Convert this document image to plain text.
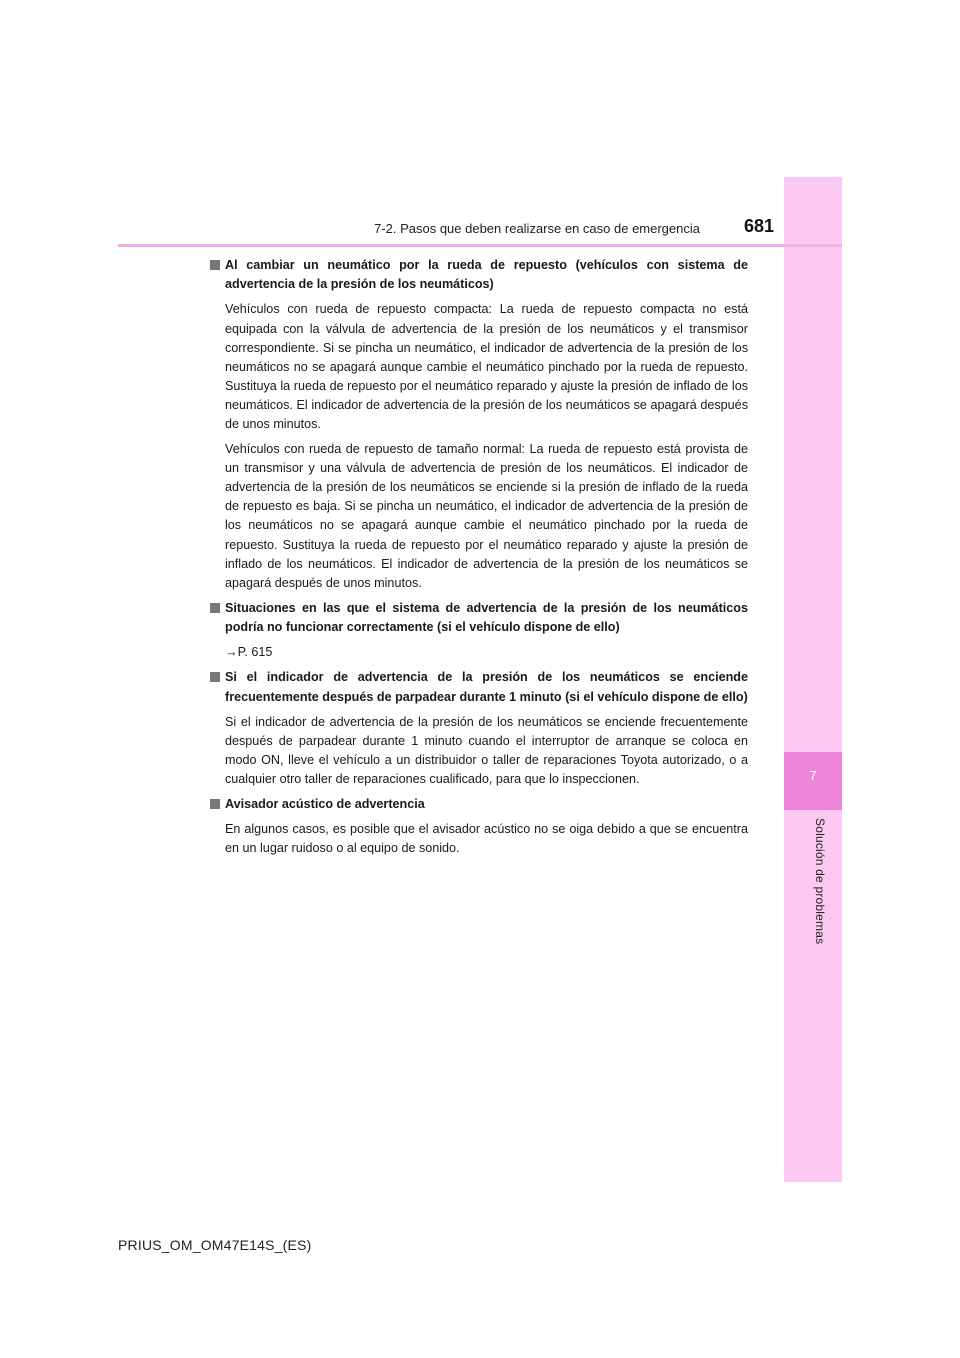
7
Solución de problemas
7-2. Pasos que deben realizarse en caso de emergencia	681
Al cambiar un neumático por la rueda de repuesto (vehículos con sistema de advertencia de la presión de los neumáticos)

Vehículos con rueda de repuesto compacta: La rueda de repuesto compacta no está equipada con la válvula de advertencia de la presión de los neumáticos y el transmisor correspondiente. Si se pincha un neumático, el indicador de advertencia de la presión de los neumáticos no se apagará aunque cambie el neumático pinchado por la rueda de repuesto. Sustituya la rueda de repuesto por el neumático reparado y ajuste la presión de inflado de los neumáticos. El indicador de advertencia de la presión de los neumáticos se apagará después de unos minutos.

Vehículos con rueda de repuesto de tamaño normal: La rueda de repuesto está provista de un transmisor y una válvula de advertencia de presión de los neumáticos. El indicador de advertencia de la presión de los neumáticos se enciende si la presión de inflado de la rueda de repuesto es baja. Si se pincha un neumático, el indicador de advertencia de la presión de los neumáticos no se apagará aunque cambie el neumático pinchado por la rueda de repuesto. Sustituya la rueda de repuesto por el neumático reparado y ajuste la presión de inflado de los neumáticos. El indicador de advertencia de la presión de los neumáticos se apagará después de unos minutos.

Situaciones en las que el sistema de advertencia de la presión de los neumáticos podría no funcionar correctamente (si el vehículo dispone de ello)

→P. 615

Si el indicador de advertencia de la presión de los neumáticos se enciende frecuentemente después de parpadear durante 1 minuto (si el vehículo dispone de ello)

Si el indicador de advertencia de la presión de los neumáticos se enciende frecuentemente después de parpadear durante 1 minuto cuando el interruptor de arranque se coloca en modo ON, lleve el vehículo a un distribuidor o taller de reparaciones Toyota autorizado, o a cualquier otro taller de reparaciones cualificado, para que lo inspeccionen.

Avisador acústico de advertencia

En algunos casos, es posible que el avisador acústico no se oiga debido a que se encuentra en un lugar ruidoso o al equipo de sonido.

PRIUS_OM_OM47E14S_(ES)
